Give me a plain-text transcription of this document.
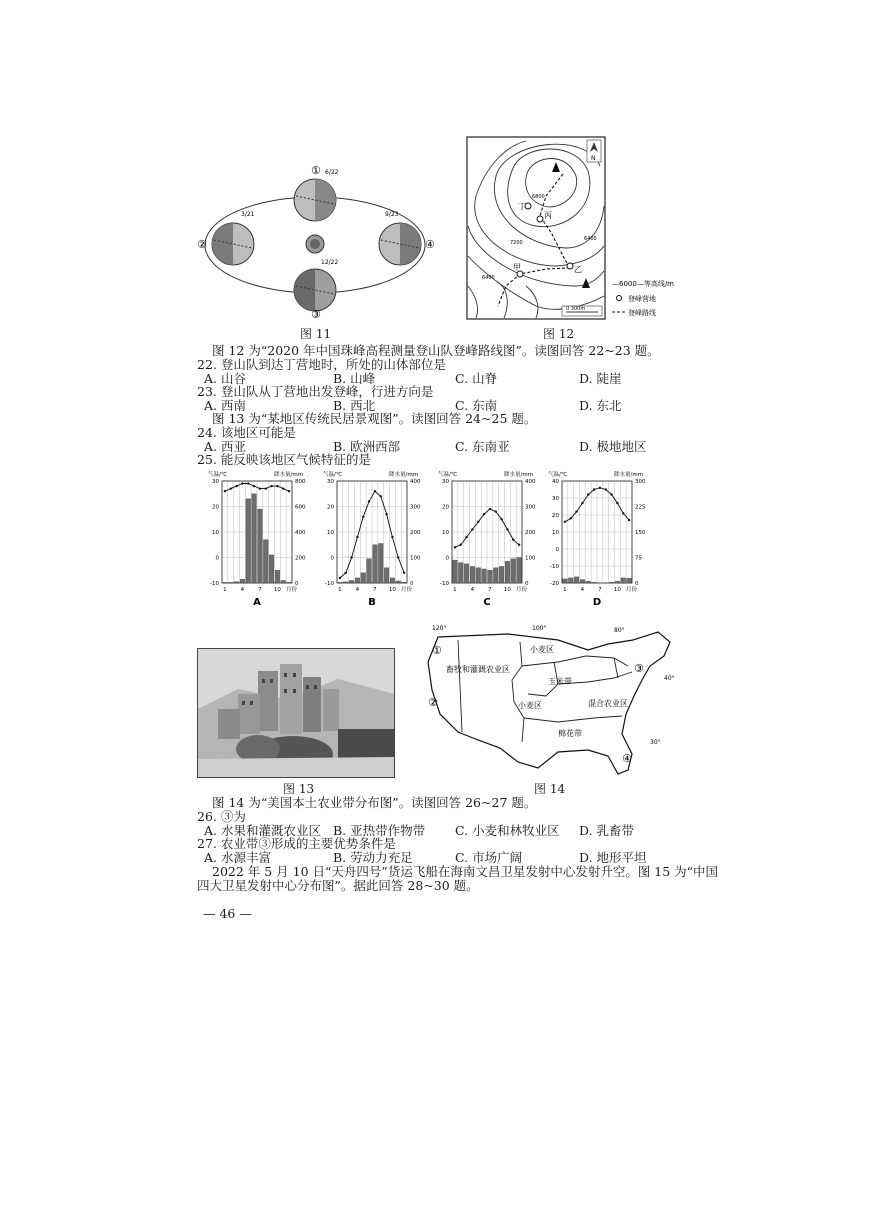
①
②
③
④
6/22
3/21	9/23
12/22
图 11
丁
丙
乙
甲
6800
7200
6400
6400
N
0 300m
—6000—等高线/m
登峰营地
登峰路线
图 12
图 12 为“2020 年中国珠峰高程测量登山队登峰路线图”。读图回答 22~23 题。
22. 登山队到达丁营地时，所处的山体部位是
A. 山谷	B. 山峰	C. 山脊	D. 陡崖
23. 登山队从丁营地出发登峰，行进方向是
A. 西南	B. 西北	C. 东南	D. 东北
图 13 为“某地区传统民居景观图”。读图回答 24~25 题。
24. 该地区可能是
A. 西亚	B. 欧洲西部	C. 东南亚	D. 极地地区
25. 能反映该地区气候特征的是
-10
0
10
20
30
0
200
400
600
800
气温/℃	降水量/mm
1	4	7 10 月份
A
-10
0
10
20
30
0
100
200
300
400
气温/℃	降水量/mm
1	4	7 10 月份
B
-10
0
10
20
30
0
100
200
300
400
气温/℃	降水量/mm
1	4	7 10 月份
C
-20
-10
0
10
20
30
40
0
75
150
225
300
气温/℃	降水量/mm
1	4	7 10 月份
D
图 13
①
②
③
④
畜牧和灌溉农业区
小麦区
玉米带
小麦区	混合农业区
棉花带
120°	100°	80°
40°
30°
图 14
图 14 为“美国本土农业带分布图”。读图回答 26~27 题。
26. ③为
A. 水果和灌溉农业区 B. 亚热带作物带 C. 小麦和林牧业区 D. 乳畜带
27. 农业带③形成的主要优势条件是
A. 水源丰富	B. 劳动力充足	C. 市场广阔	D. 地形平坦
2022 年 5 月 10 日“天舟四号”货运飞船在海南文昌卫星发射中心发射升空。图 15 为“中国
四大卫星发射中心分布图”。据此回答 28~30 题。
— 46 —
